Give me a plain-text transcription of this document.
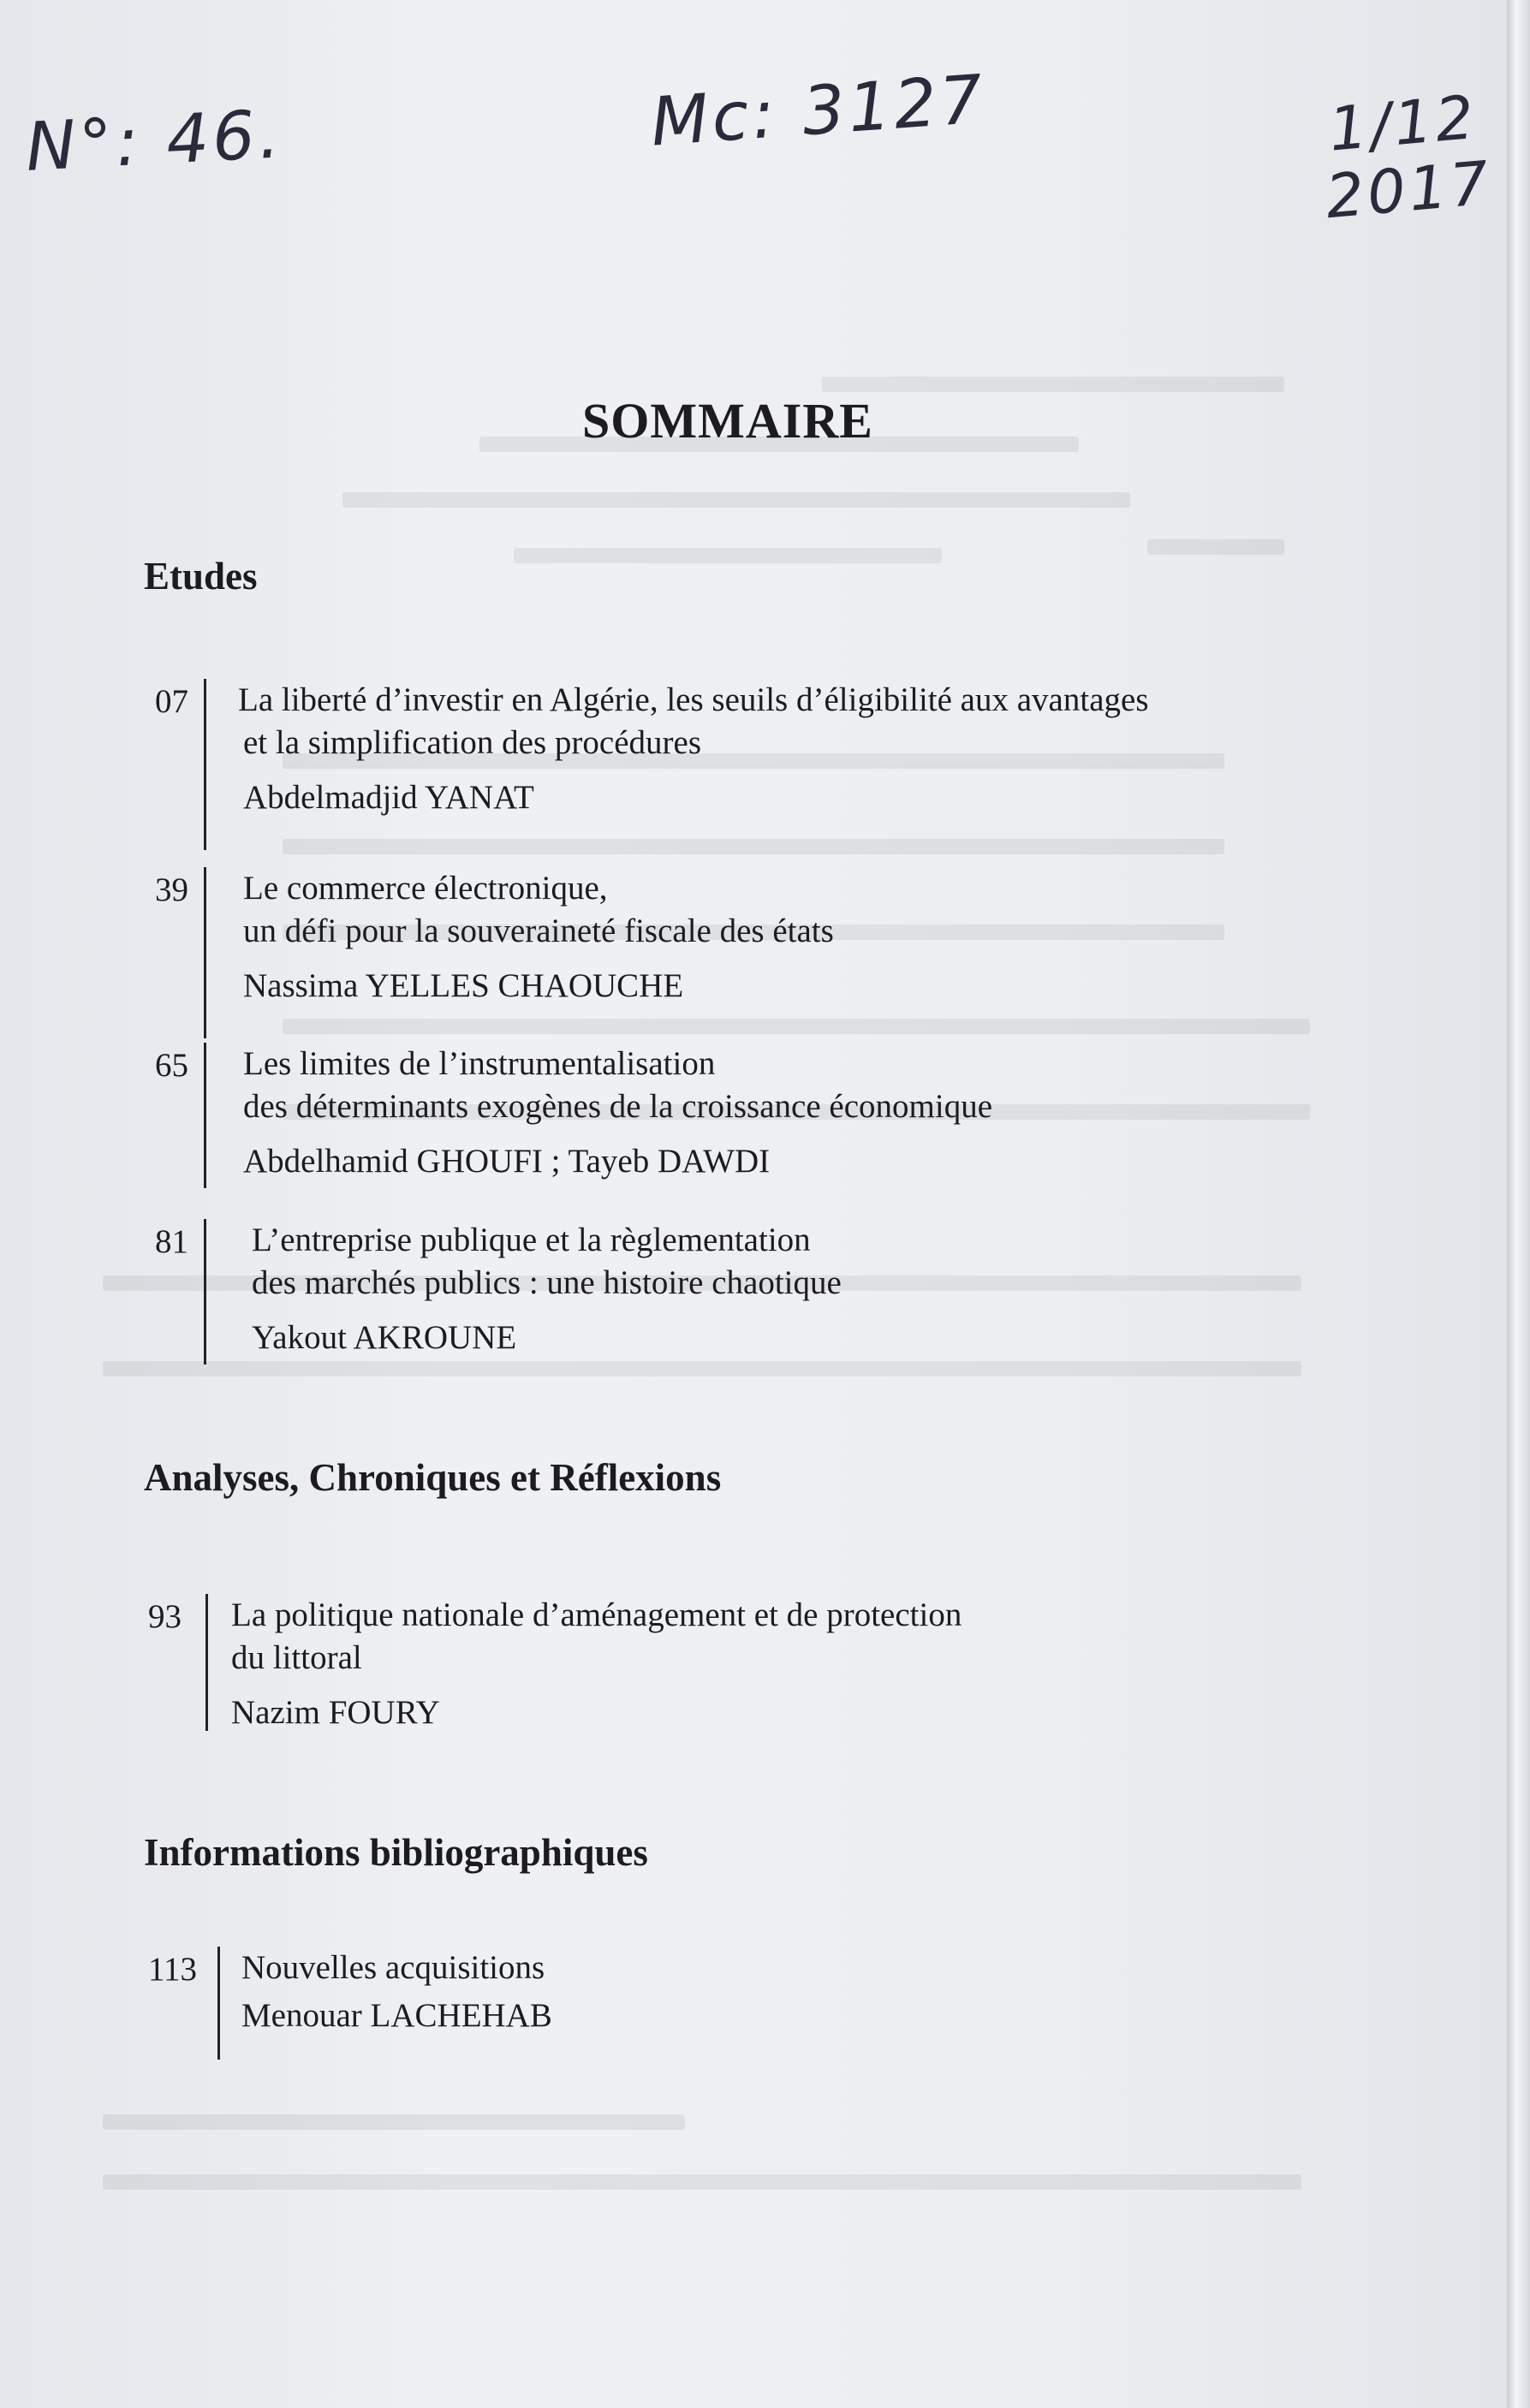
N°: 46.	Mc: 3127	1/12
2017
SOMMAIRE
Etudes
07 La liberté d’investir en Algérie, les seuils d’éligibilité aux avantages
et la simplification des procédures
Abdelmadjid YANAT
39 Le commerce électronique,
un défi pour la souveraineté fiscale des états
Nassima YELLES CHAOUCHE
65 Les limites de l’instrumentalisation
des déterminants exogènes de la croissance économique
Abdelhamid GHOUFI ; Tayeb DAWDI
81 L’entreprise publique et la règlementation
des marchés publics : une histoire chaotique
Yakout AKROUNE
Analyses, Chroniques et Réflexions
93 La politique nationale d’aménagement et de protection
du littoral
Nazim FOURY
Informations bibliographiques
113 Nouvelles acquisitions
Menouar LACHEHAB
